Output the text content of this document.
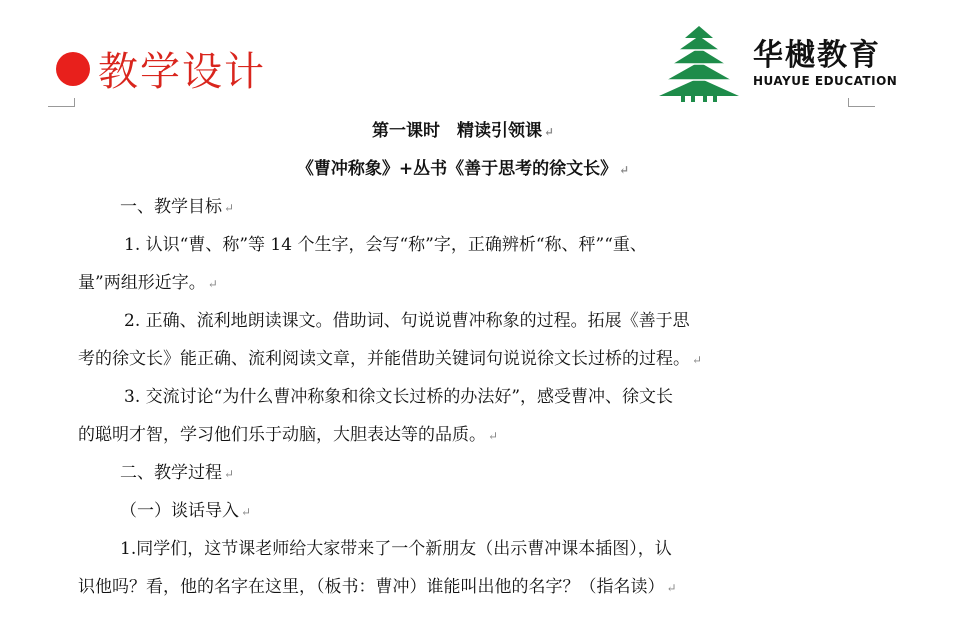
教学设计	华樾教育
HUAYUE EDUCATION
第一课时　精读引领课 ↵
《曹冲称象》+丛书《善于思考的徐文长》 ↵
一、教学目标 ↵
1. 认识“曹、称”等 14 个生字，会写“称”字，正确辨析“称、秤”“重、
量”两组形近字。 ↵
2. 正确、流利地朗读课文。借助词、句说说曹冲称象的过程。拓展《善于思
考的徐文长》能正确、流利阅读文章，并能借助关键词句说说徐文长过桥的过程。 ↵
3. 交流讨论“为什么曹冲称象和徐文长过桥的办法好”，感受曹冲、徐文长
的聪明才智，学习他们乐于动脑，大胆表达等的品质。 ↵
二、教学过程 ↵
（一）谈话导入 ↵
1.同学们，这节课老师给大家带来了一个新朋友（出示曹冲课本插图），认
识他吗？看，他的名字在这里，（板书：曹冲）谁能叫出他的名字？（指名读） ↵
